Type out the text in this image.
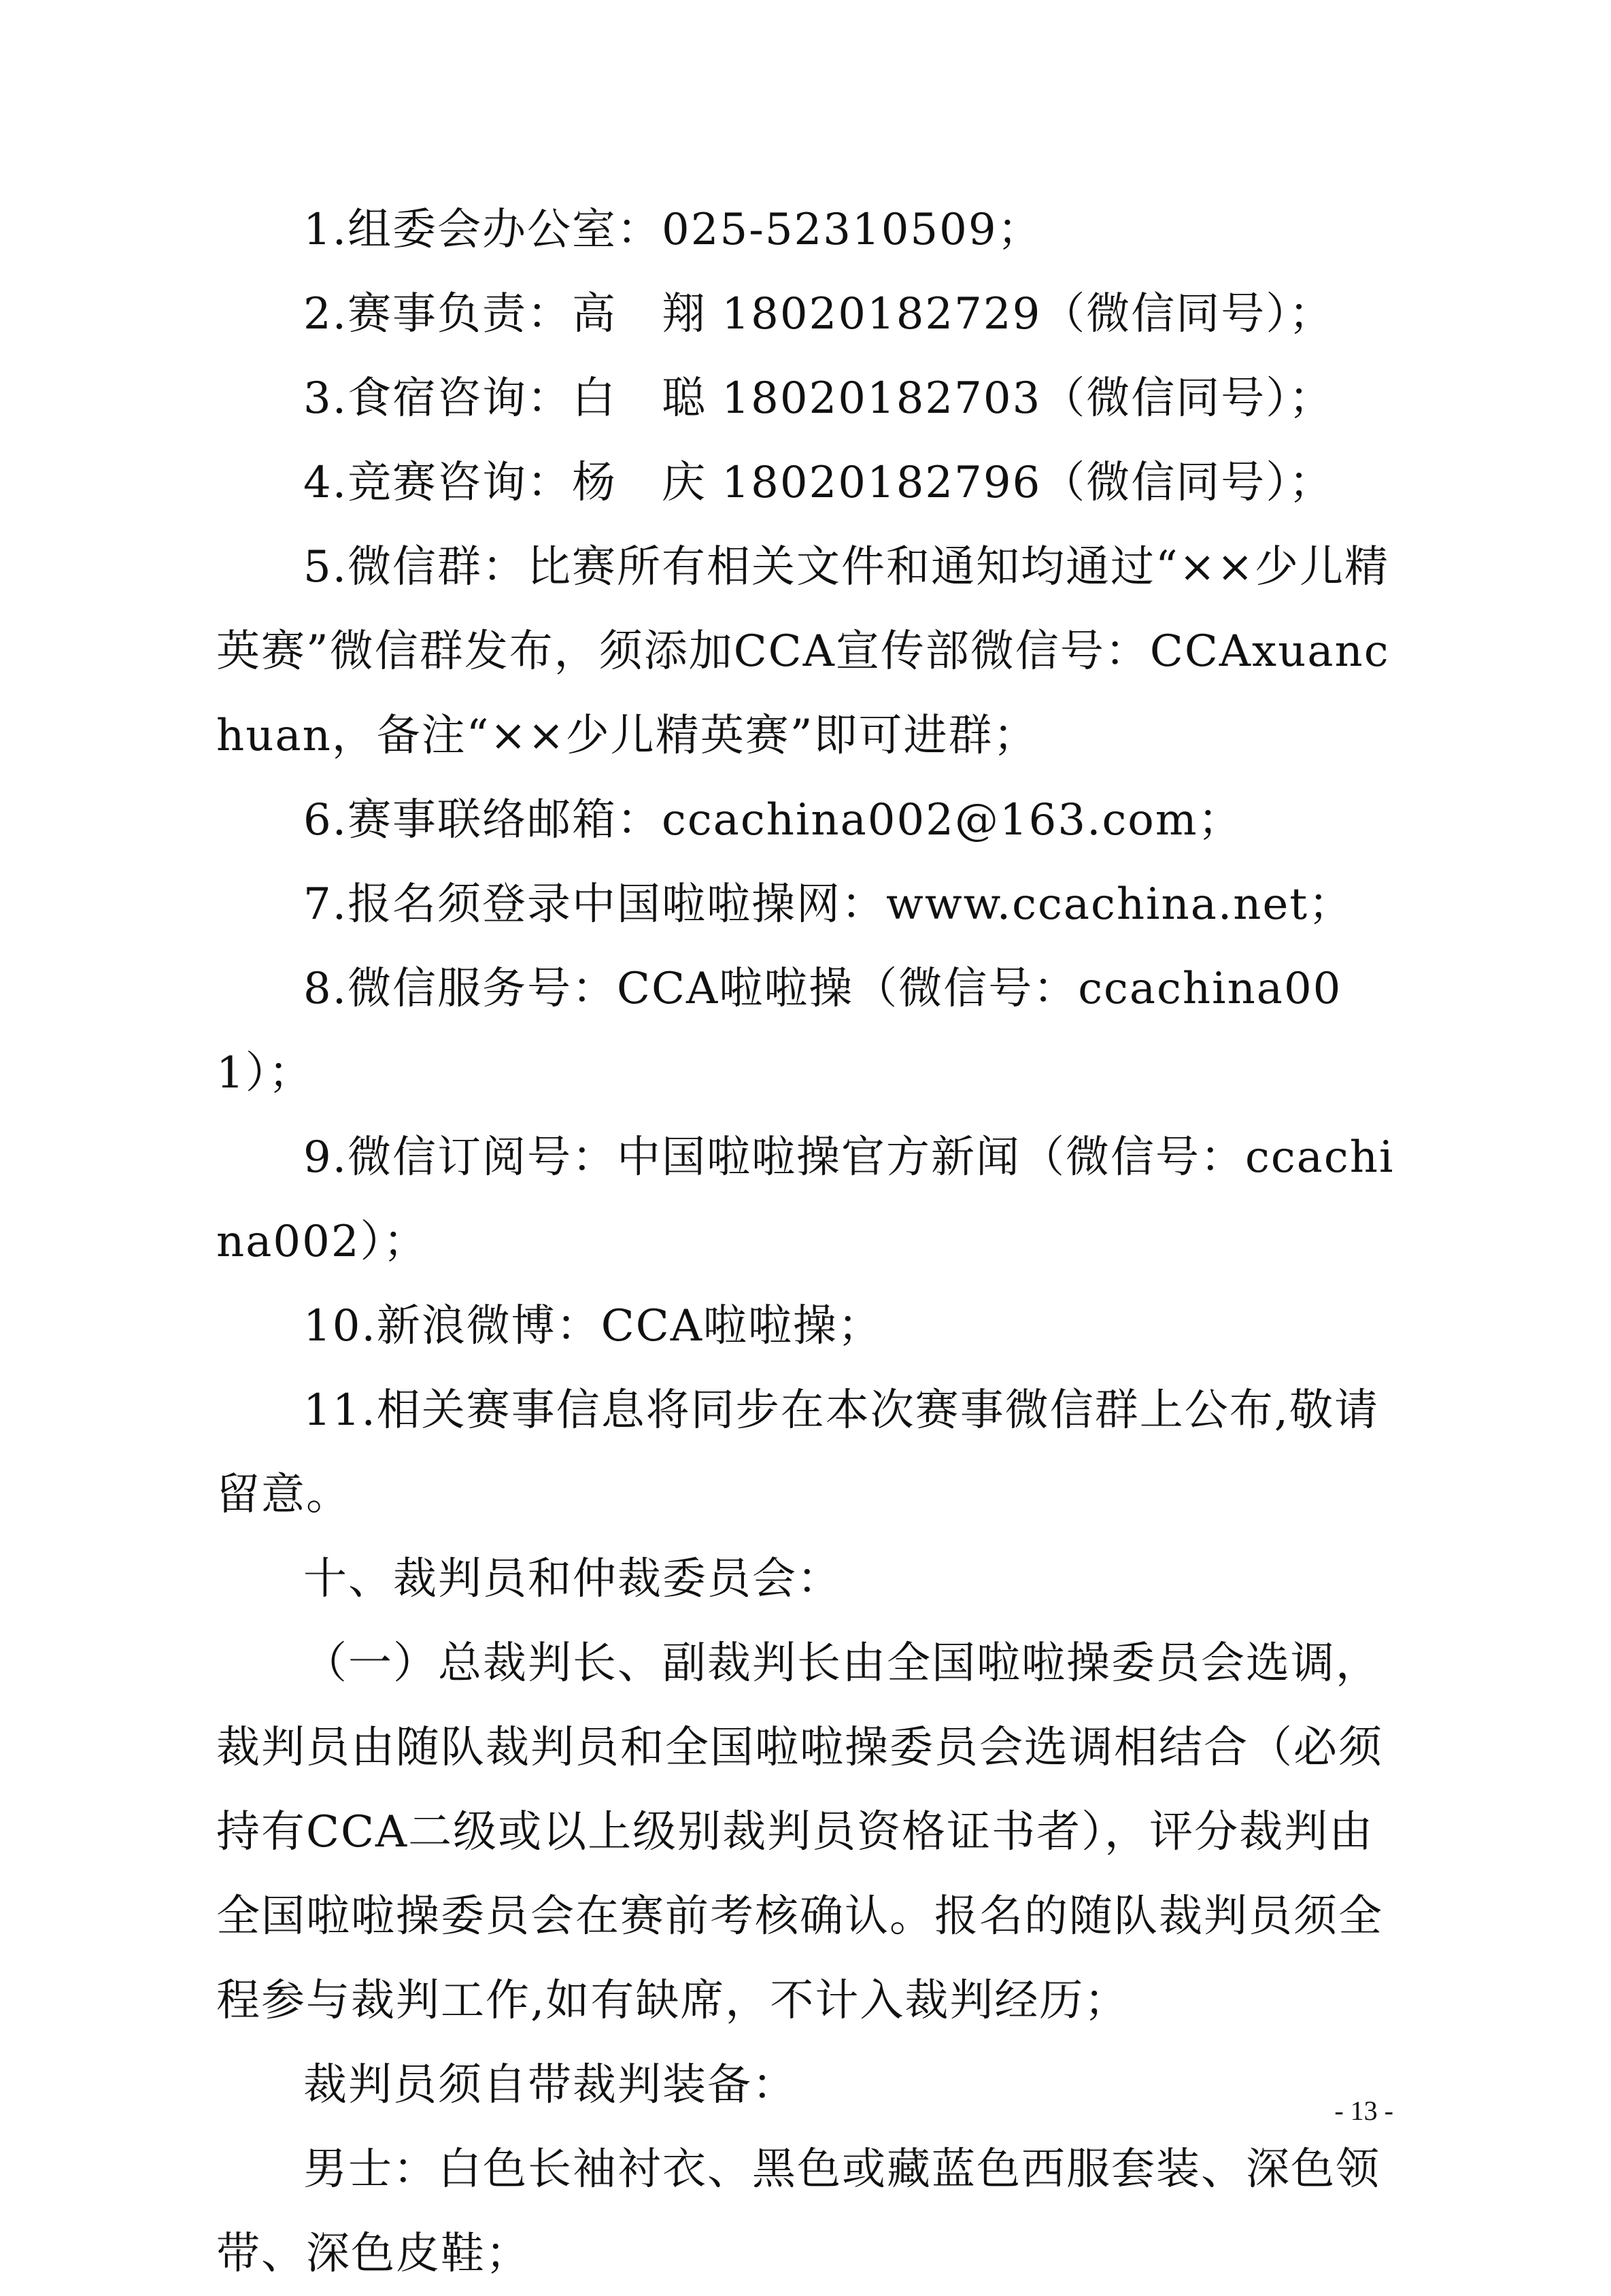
1.组委会办公室：025-52310509；

2.赛事负责：高　翔 18020182729（微信同号）；

3.食宿咨询：白　聪 18020182703（微信同号）；

4.竞赛咨询：杨　庆 18020182796（微信同号）；

5.微信群：比赛所有相关文件和通知均通过“××少儿精英赛”微信群发布，须添加CCA宣传部微信号：CCAxuanchuan，备注“××少儿精英赛”即可进群；

6.赛事联络邮箱：ccachina002@163.com；

7.报名须登录中国啦啦操网：www.ccachina.net；

8.微信服务号：CCA啦啦操（微信号：ccachina001）；

9.微信订阅号：中国啦啦操官方新闻（微信号：ccachina002）；

10.新浪微博：CCA啦啦操；

11.相关赛事信息将同步在本次赛事微信群上公布,敬请留意。

十、裁判员和仲裁委员会：

（一）总裁判长、副裁判长由全国啦啦操委员会选调，裁判员由随队裁判员和全国啦啦操委员会选调相结合（必须持有CCA二级或以上级别裁判员资格证书者），评分裁判由全国啦啦操委员会在赛前考核确认。报名的随队裁判员须全程参与裁判工作,如有缺席，不计入裁判经历；

裁判员须自带裁判装备：

男士：白色长袖衬衣、黑色或藏蓝色西服套装、深色领带、深色皮鞋；

- 13 -
